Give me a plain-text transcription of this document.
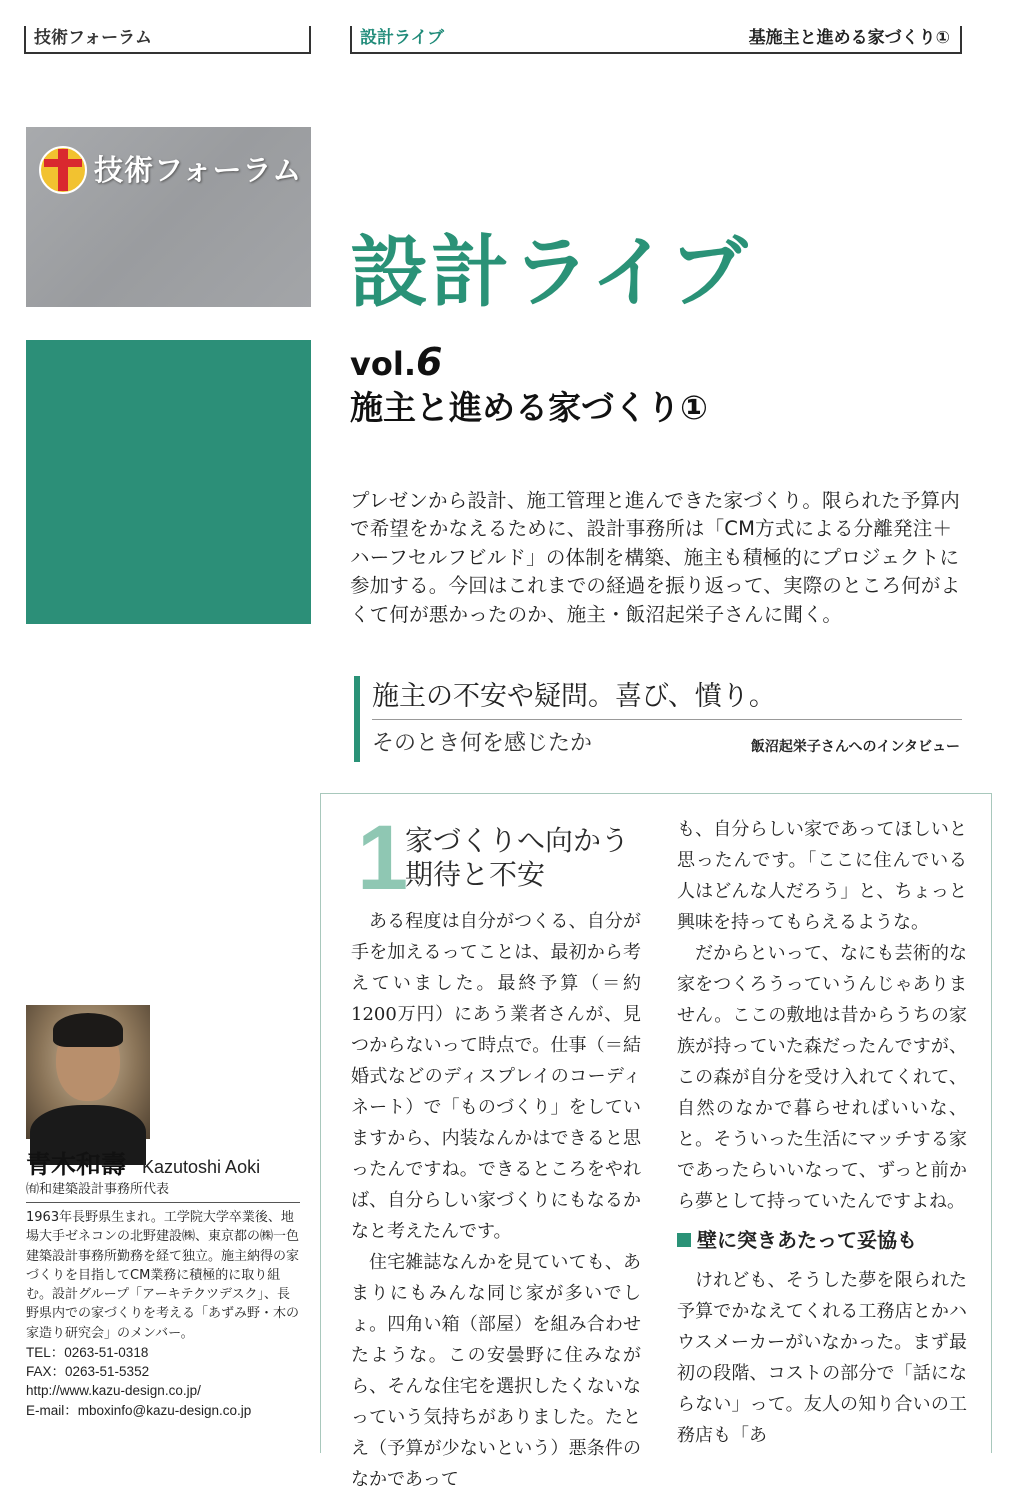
技術フォーラム	設計ライブ	基施主と進める家づくり①
技術フォーラム
設計ライブ
vol.6
施主と進める家づくり①
プレゼンから設計、施工管理と進んできた家づくり。限られた予算内で希望をかなえるために、設計事務所は「CM方式による分離発注＋ハーフセルフビルド」の体制を構築、施主も積極的にプロジェクトに参加する。今回はこれまでの経過を振り返って、実際のところ何がよくて何が悪かったのか、施主・飯沼起栄子さんに聞く。
施主の不安や疑問。喜び、憤り。
そのとき何を感じたか	飯沼起栄子さんへのインタビュー
1
家づくりへ向かう
期待と不安

ある程度は自分がつくる、自分が手を加えるってことは、最初から考えていました。最終予算（＝約1200万円）にあう業者さんが、見つからないって時点で。仕事（＝結婚式などのディスプレイのコーディネート）で「ものづくり」をしていますから、内装なんかはできると思ったんですね。できるところをやれば、自分らしい家づくりにもなるかなと考えたんです。

住宅雑誌なんかを見ていても、あまりにもみんな同じ家が多いでしょ。四角い箱（部屋）を組み合わせたような。この安曇野に住みながら、そんな住宅を選択したくないなっていう気持ちがありました。たとえ（予算が少ないという）悪条件のなかであって

も、自分らしい家であってほしいと思ったんです。「ここに住んでいる人はどんな人だろう」と、ちょっと興味を持ってもらえるような。

だからといって、なにも芸術的な家をつくろうっていうんじゃありません。ここの敷地は昔からうちの家族が持っていた森だったんですが、この森が自分を受け入れてくれて、自然のなかで暮らせればいいな、と。そういった生活にマッチする家であったらいいなって、ずっと前から夢として持っていたんですよね。

壁に突きあたって妥協も

けれども、そうした夢を限られた予算でかなえてくれる工務店とかハウスメーカーがいなかった。まず最初の段階、コストの部分で「話にならない」って。友人の知り合いの工務店も「あ

青木和壽 Kazutoshi Aoki
㈲和建築設計事務所代表
1963年長野県生まれ。工学院大学卒業後、地場大手ゼネコンの北野建設㈱、東京都の㈱一色建築設計事務所勤務を経て独立。施主納得の家づくりを目指してCM業務に積極的に取り組む。設計グループ「アーキテクツデスク」、長野県内での家づくりを考える「あずみ野・木の家造り研究会」のメンバー。
TEL：0263-51-0318
FAX：0263-51-5352
http://www.kazu-design.co.jp/
E-mail：mboxinfo@kazu-design.co.jp
